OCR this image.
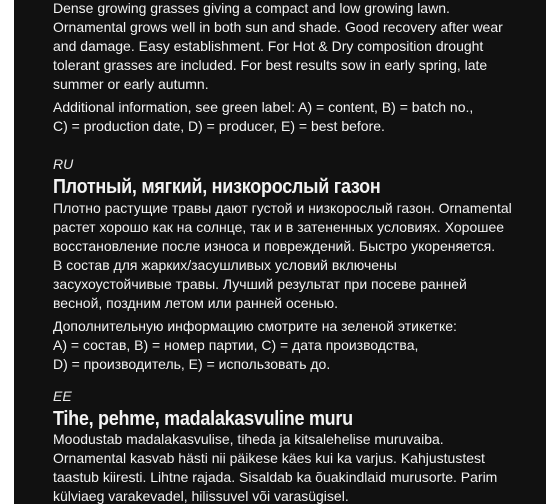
Dense growing grasses giving a compact and low growing lawn.
Ornamental grows well in both sun and shade. Good recovery after wear
and damage. Easy establishment. For Hot & Dry composition drought
tolerant grasses are included. For best results sow in early spring, late
summer or early autumn.
Additional information, see green label: A) = content, B) = batch no.,
C) = production date, D) = producer, E) = best before.
RU
Плотный, мягкий, низкорослый газон
Плотно растущие травы дают густой и низкорослый газон. Ornamental
растет хорошо как на солнце, так и в затененных условиях. Хорошее
восстановление после износа и повреждений. Быстро укореняется.
В состав для жарких/засушливых условий включены
засухоустойчивые травы. Лучший результат при посеве ранней
весной, поздним летом или ранней осенью.
Дополнительную информацию смотрите на зеленой этикетке:
A) = состав, B) = номер партии, C) = дата производства,
D) = производитель, E) = использовать до.
EE
Tihe, pehme, madalakasvuline muru
Moodustab madalakasvulise, tiheda ja kitsalehelise muruvaiba.
Ornamental kasvab hästi nii päikese käes kui ka varjus. Kahjustustest
taastub kiiresti. Lihtne rajada. Sisaldab ka õuakindlaid murusorte. Parim
külviaeg varakevadel, hilissuvel või varasügisel.
